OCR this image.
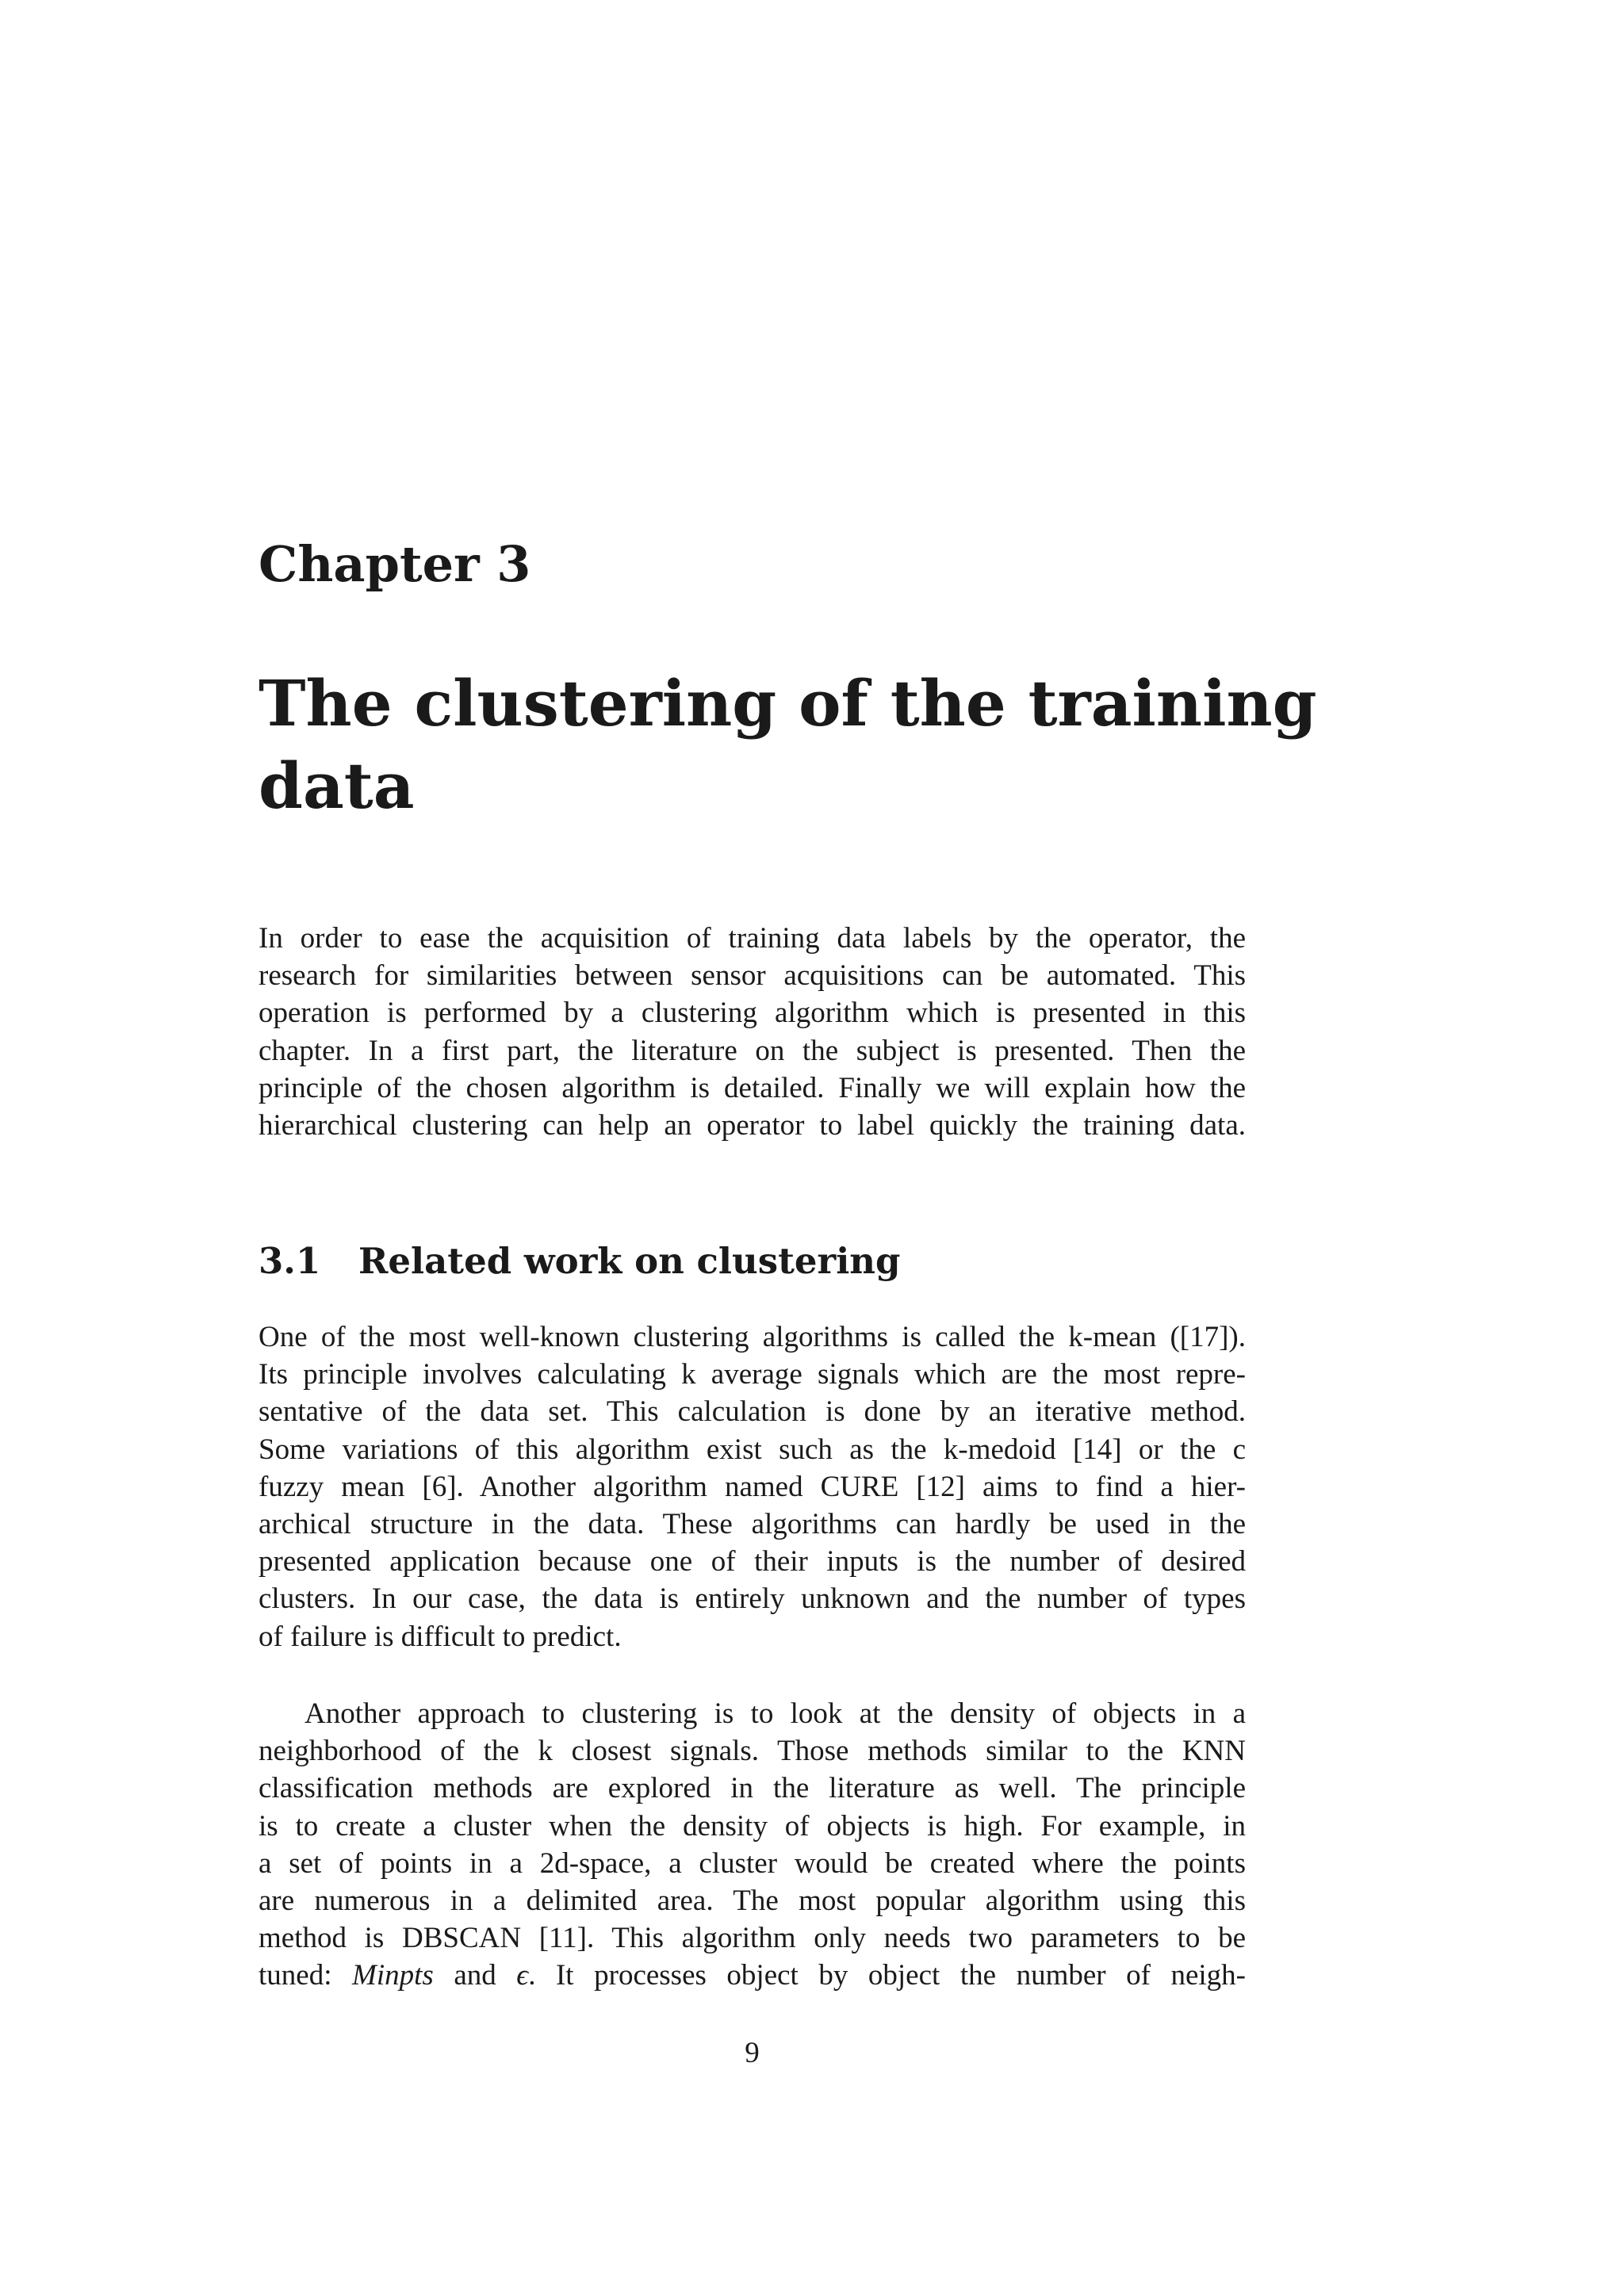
Chapter 3
The clustering of the training
data

In order to ease the acquisition of training data labels by the operator, the
research for similarities between sensor acquisitions can be automated. This
operation is performed by a clustering algorithm which is presented in this
chapter. In a first part, the literature on the subject is presented. Then the
principle of the chosen algorithm is detailed. Finally we will explain how the
hierarchical clustering can help an operator to label quickly the training data.

3.1 Related work on clustering

One of the most well-known clustering algorithms is called the k-mean ([17]).
Its principle involves calculating k average signals which are the most repre-
sentative of the data set. This calculation is done by an iterative method.
Some variations of this algorithm exist such as the k-medoid [14] or the c
fuzzy mean [6]. Another algorithm named CURE [12] aims to find a hier-
archical structure in the data. These algorithms can hardly be used in the
presented application because one of their inputs is the number of desired
clusters. In our case, the data is entirely unknown and the number of types
of failure is difficult to predict.

Another approach to clustering is to look at the density of objects in a
neighborhood of the k closest signals. Those methods similar to the KNN
classification methods are explored in the literature as well. The principle
is to create a cluster when the density of objects is high. For example, in
a set of points in a 2d-space, a cluster would be created where the points
are numerous in a delimited area. The most popular algorithm using this
method is DBSCAN [11]. This algorithm only needs two parameters to be
tuned: Minpts and ϵ. It processes object by object the number of neigh-

9
